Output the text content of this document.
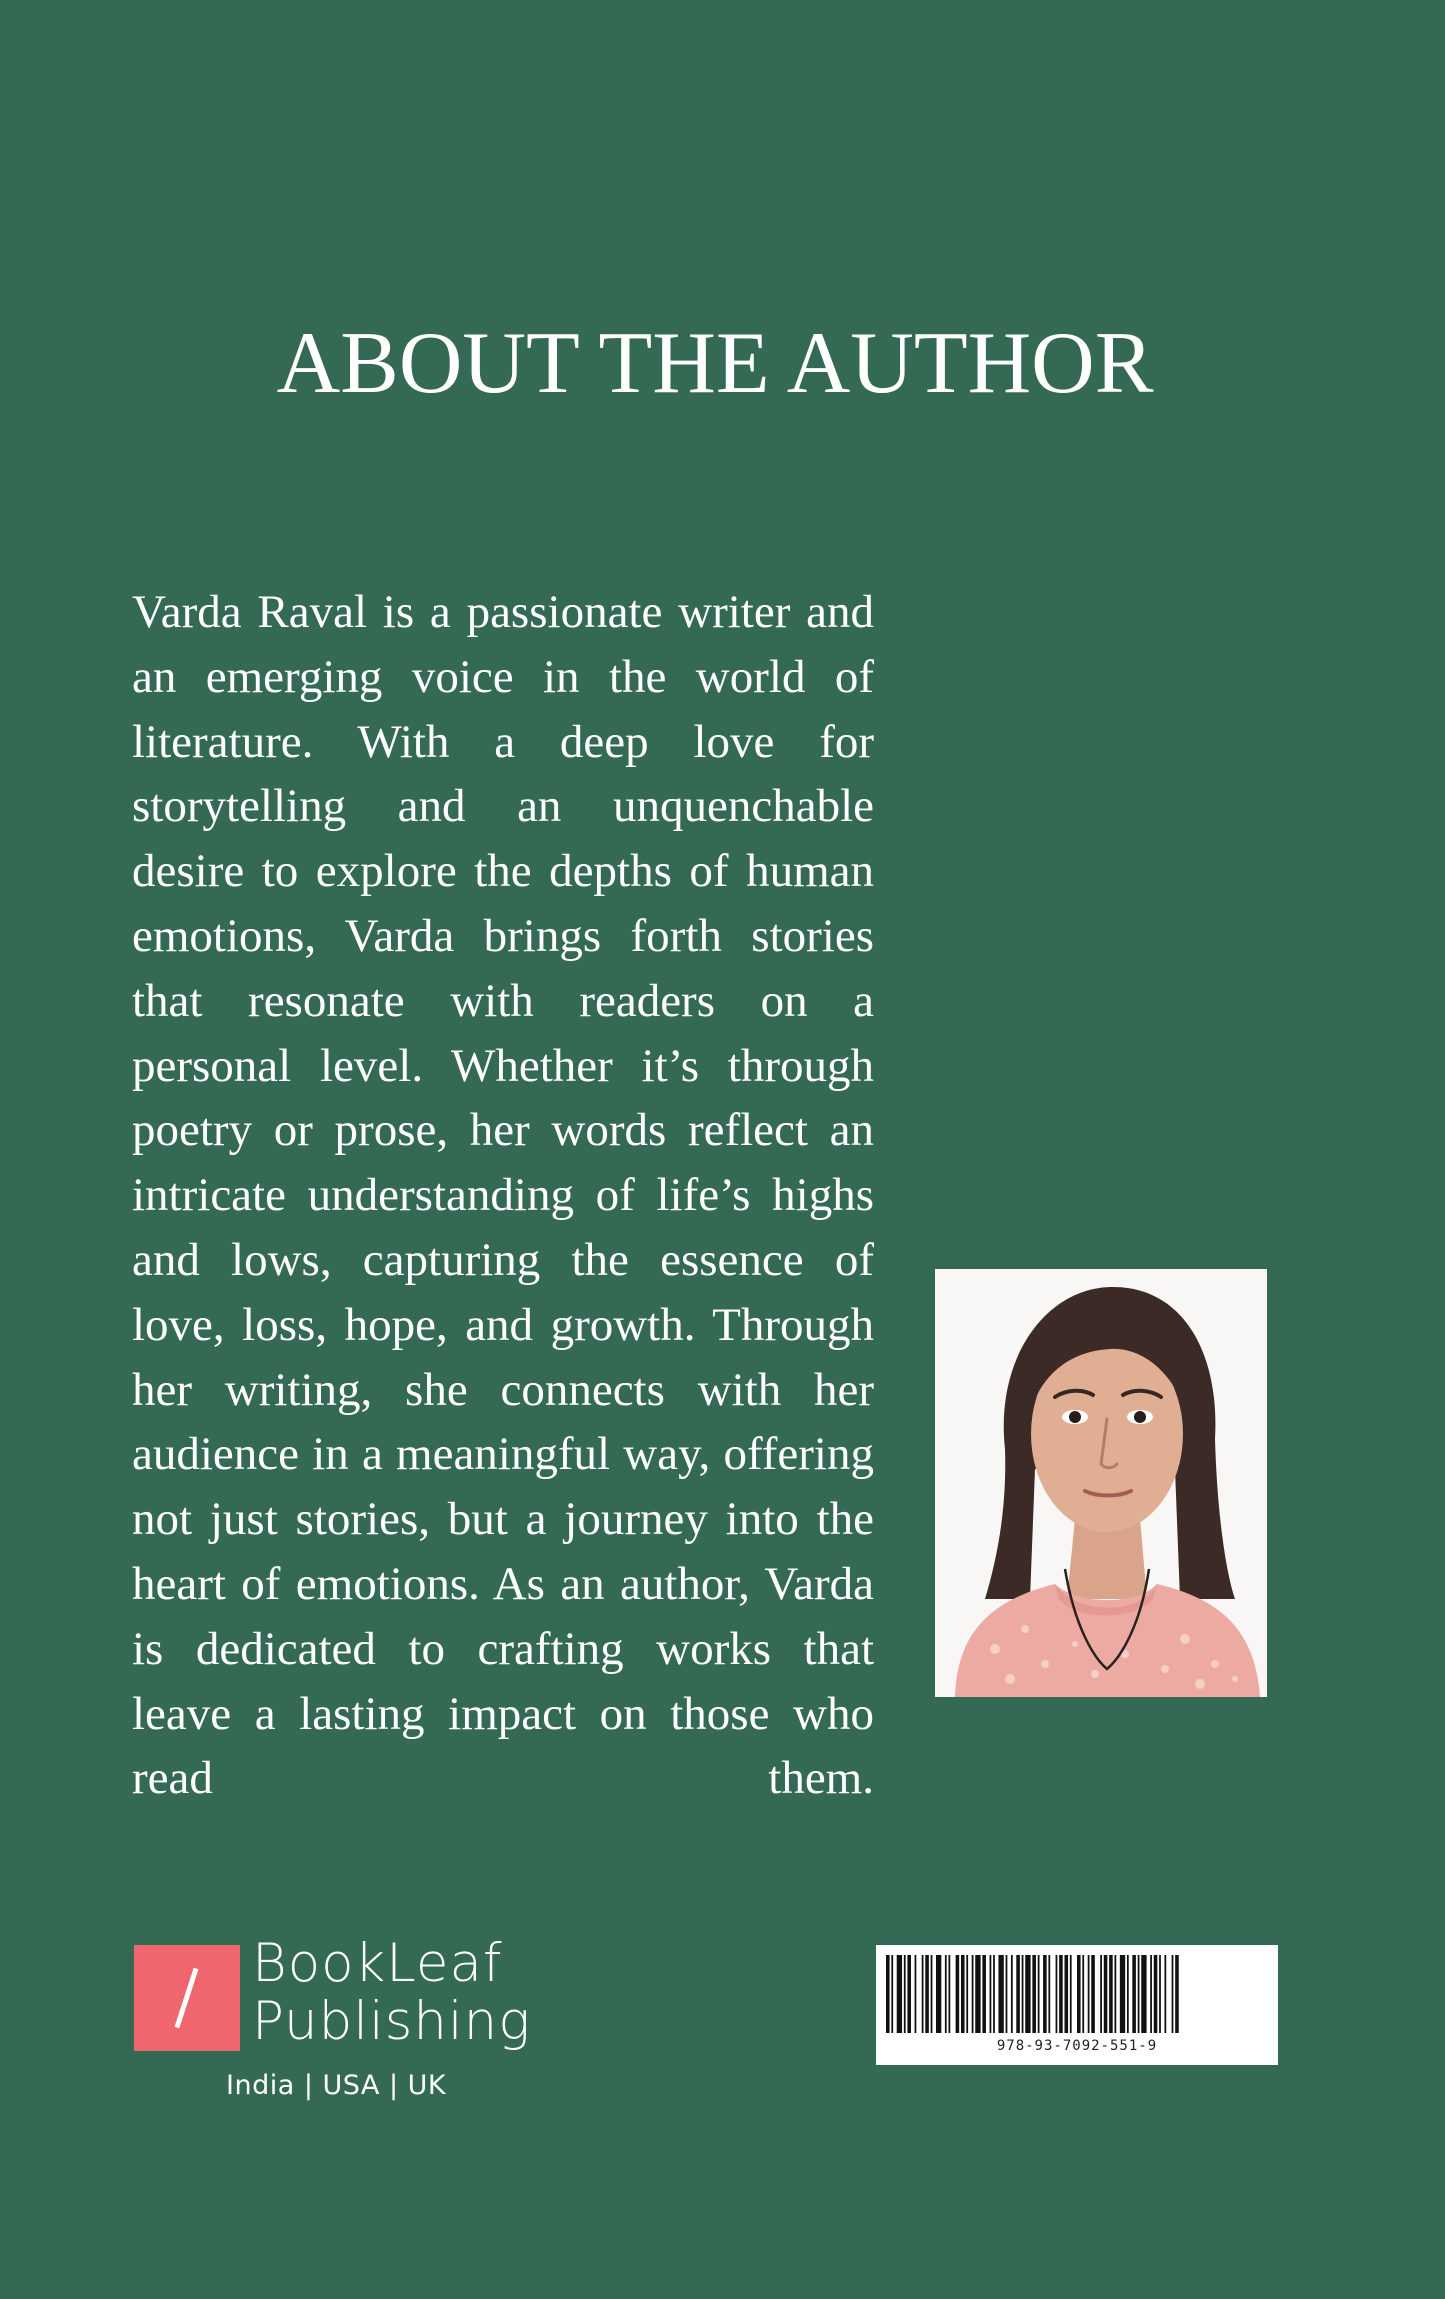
ABOUT THE AUTHOR

Varda Raval is a passionate writer and an emerging voice in the world of literature. With a deep love for storytelling and an unquenchable desire to explore the depths of human emotions, Varda brings forth stories that resonate with readers on a personal level. Whether it’s through poetry or prose, her words reflect an intricate understanding of life’s highs and lows, capturing the essence of love, loss, hope, and growth. Through her writing, she connects with her audience in a meaningful way, offering not just stories, but a journey into the heart of emotions. As an author, Varda is dedicated to crafting works that leave a lasting impact on those who read them.

BookLeaf
Publishing
India | USA | UK
978-93-7092-551-9
